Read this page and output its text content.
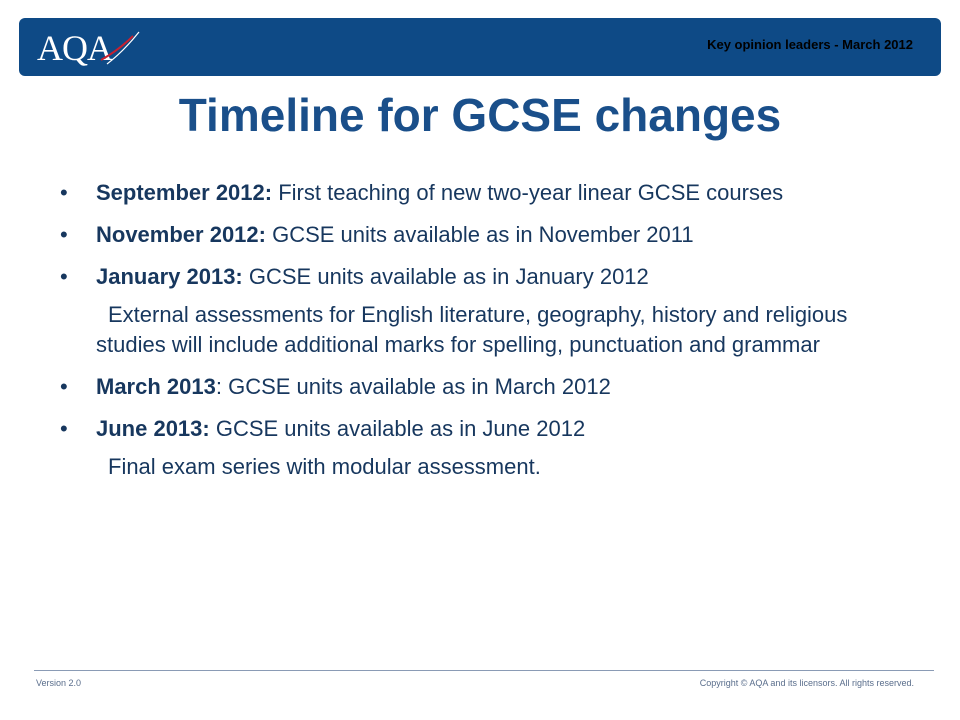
AQA	Key opinion leaders - March 2012
Timeline for GCSE changes
• September 2012: First teaching of new two-year linear GCSE courses
• November 2012: GCSE units available as in November 2011
• January 2013: GCSE units available as in January 2012
External assessments for English literature, geography, history and religious studies will include additional marks for spelling, punctuation and grammar
• March 2013: GCSE units available as in March 2012
• June 2013: GCSE units available as in June 2012
Final exam series with modular assessment.
Version 2.0	Copyright © AQA and its licensors. All rights reserved.
